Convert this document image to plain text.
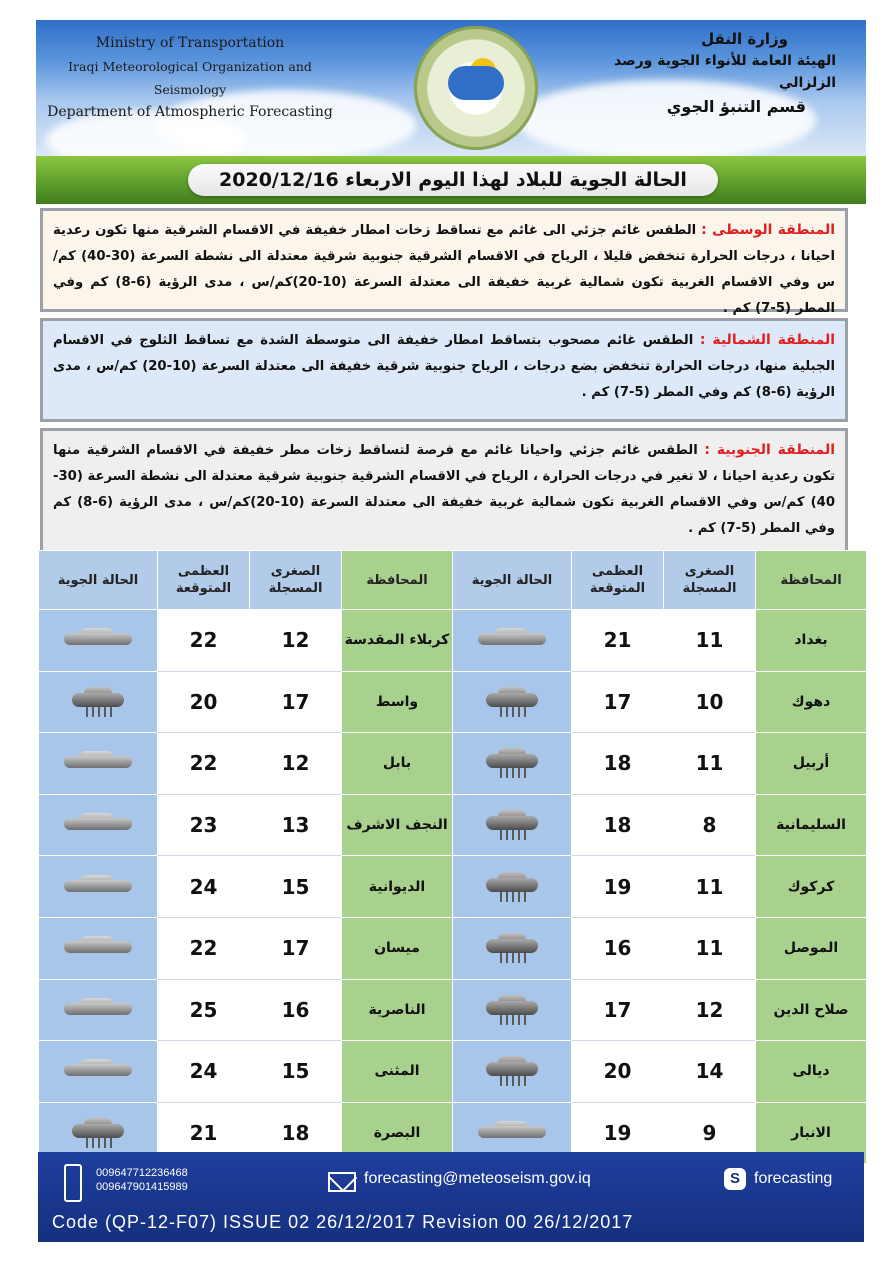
Ministry of Transportation
Iraqi Meteorological Organization and Seismology
Department of Atmospheric Forecasting
وزارة النقل
الهيئة العامة للأنواء الجوية ورصد الزلزالي
قسم التنبؤ الجوي
الحالة الجوية للبلاد لهذا اليوم الاربعاء 2020/12/16
المنطقة الوسطى : الطقس غائم جزئي الى غائم مع تساقط زخات امطار خفيفة في الاقسام الشرقية منها تكون رعدية احيانا ، درجات الحرارة تنخفض قليلا ، الرياح في الاقسام الشرقية جنوبية شرقية معتدلة الى نشطة السرعة (30-40) كم/س وفي الاقسام الغربية تكون شمالية غربية خفيفة الى معتدلة السرعة (10-20)كم/س ، مدى الرؤية (6-8) كم وفي المطر (5-7) كم .
المنطقة الشمالية : الطقس غائم مصحوب بتساقط امطار خفيفة الى متوسطة الشدة مع تساقط الثلوج في الاقسام الجبلية منها، درجات الحرارة تنخفض بضع درجات ، الرياح جنوبية شرقية خفيفة الى معتدلة السرعة (10-20) كم/س ، مدى الرؤية (6-8) كم وفي المطر (5-7) كم .
المنطقة الجنوبية : الطقس غائم جزئي واحيانا غائم مع فرصة لتساقط زخات مطر خفيفة في الاقسام الشرقية منها تكون رعدية احيانا ، لا تغير في درجات الحرارة ، الرياح في الاقسام الشرقية جنوبية شرقية معتدلة الى نشطة السرعة (30-40) كم/س وفي الاقسام الغربية تكون شمالية غربية خفيفة الى معتدلة السرعة (10-20)كم/س ، مدى الرؤية (6-8) كم وفي المطر (5-7) كم .
المحافظة	الصغرى المسجلة	العظمى المتوقعة	الحالة الجوية	المحافظة	الصغرى المسجلة	العظمى المتوقعة	الحالة الجوية
بغداد	11	21		كربلاء المقدسة	12	22	

دهوك	10	17		واسط	17	20	

أربيل	11	18		بابل	12	22	

السليمانية	8	18		النجف الاشرف	13	23	

كركوك	11	19		الديوانية	15	24	

الموصل	11	16		ميسان	17	22	

صلاح الدين	12	17		الناصرية	16	25	

ديالى	14	20		المثنى	15	24	

الانبار	9	19		البصرة	18	21	
009647712236468
009647901415989	forecasting@meteoseism.gov.iq	S forecasting
Code (QP-12-F07) ISSUE 02 26/12/2017 Revision 00 26/12/2017
